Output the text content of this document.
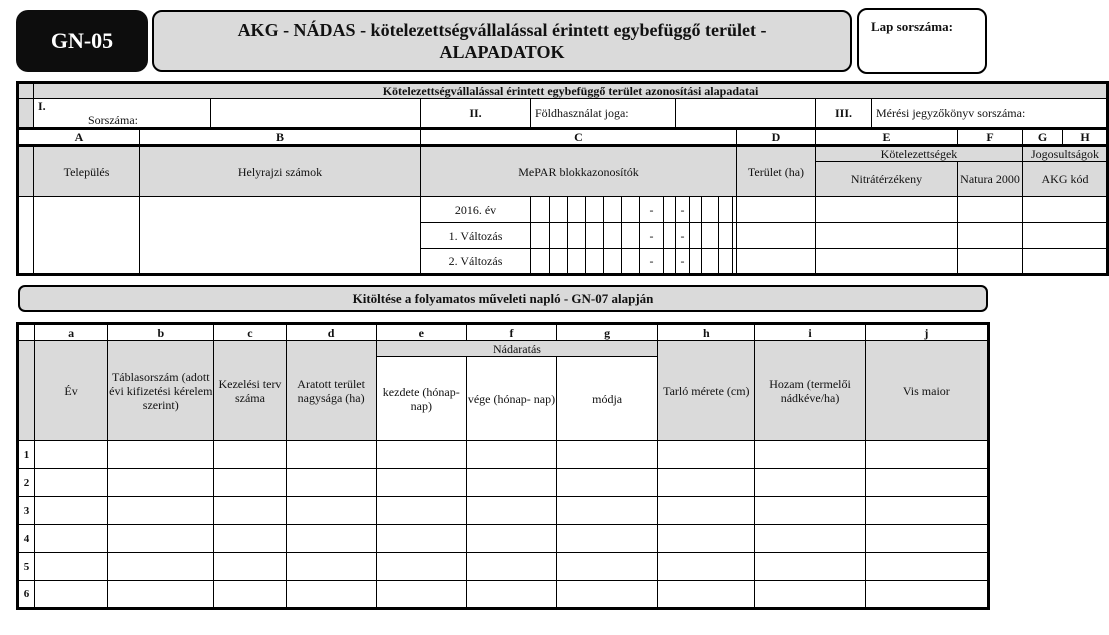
GN-05	AKG - NÁDAS - kötelezettségvállalással érintett egybefüggő terület -
ALAPADATOK
Lap sorszáma:
	Kötelezettségvállalással érintett egybefüggő terület azonosítási alapadatai																						
	I. Sorszáma:			II.	Földhasználat joga:														III.	Mérési jegyzőkönyv sorszáma:			
A		B		C														D	E		F	G	H
	Település	Helyrajzi számok		MePAR blokkazonosítók														Terület (ha)	Kötelezettségek			Jogosultságok	
																			Nitrátérzékeny		Natura 2000	AKG kód	
				2016. év							-		-										
				1. Változás							-		-										
				2. Változás							-		-										
Kitöltése a folyamatos műveleti napló - GN-07 alapján
	a	b	c	d	e	f	g	h	i	j
	Év	Táblasorszám (adott évi kifizetési kérelem szerint)	Kezelési terv száma	Aratott terület nagysága (ha)	Nádaratás			Tarló mérete (cm)	Hozam (termelői nádkéve/ha)	Vis maior
					kezdete (hónap-nap)	vége (hónap- nap)	módja			
1										
2										
3										
4										
5										
6										
